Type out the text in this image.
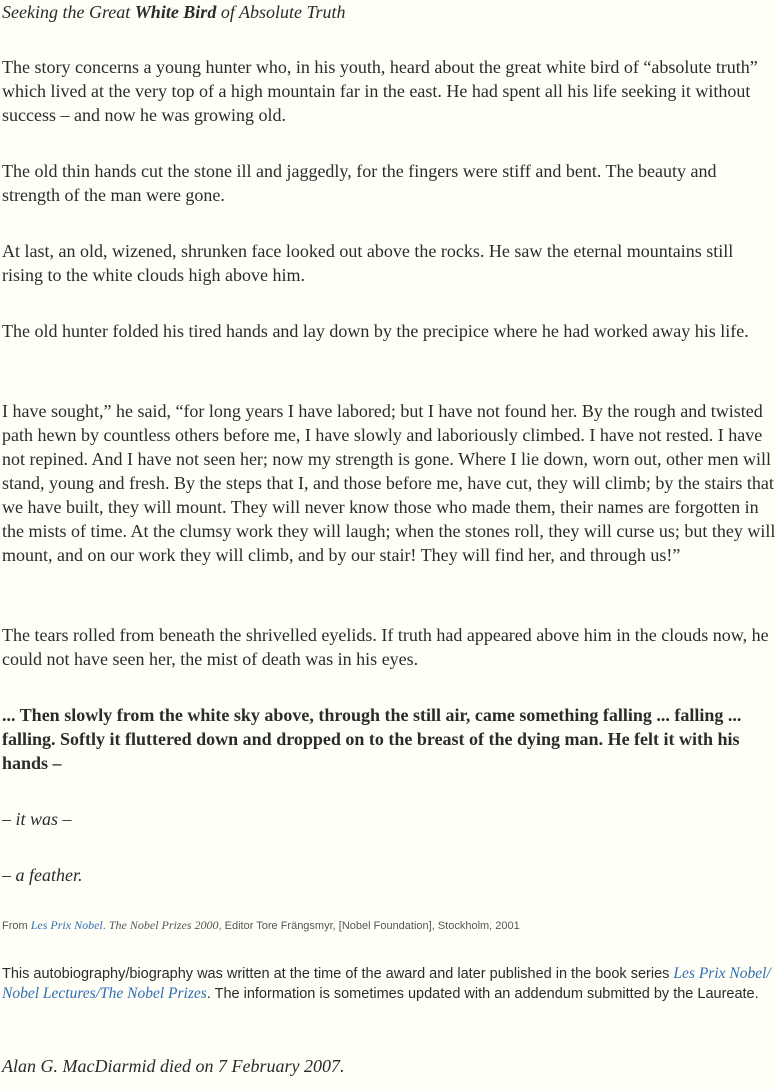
Seeking the Great White Bird of Absolute Truth

The story concerns a young hunter who, in his youth, heard about the great white bird of “absolute truth” which lived at the very top of a high mountain far in the east. He had spent all his life seeking it without success – and now he was growing old.

The old thin hands cut the stone ill and jaggedly, for the fingers were stiff and bent. The beauty and strength of the man were gone.

At last, an old, wizened, shrunken face looked out above the rocks. He saw the eternal mountains still rising to the white clouds high above him.

The old hunter folded his tired hands and lay down by the precipice where he had worked away his life.

I have sought,” he said, “for long years I have labored; but I have not found her. By the rough and twisted path hewn by countless others before me, I have slowly and laboriously climbed. I have not rested. I have not repined. And I have not seen her; now my strength is gone. Where I lie down, worn out, other men will stand, young and fresh. By the steps that I, and those before me, have cut, they will climb; by the stairs that we have built, they will mount. They will never know those who made them, their names are forgotten in the mists of time. At the clumsy work they will laugh; when the stones roll, they will curse us; but they will mount, and on our work they will climb, and by our stair! They will find her, and through us!”

The tears rolled from beneath the shrivelled eyelids. If truth had appeared above him in the clouds now, he could not have seen her, the mist of death was in his eyes.

... Then slowly from the white sky above, through the still air, came something falling ... falling ... falling. Softly it fluttered down and dropped on to the breast of the dying man. He felt it with his hands –

– it was –

– a feather.

From Les Prix Nobel. The Nobel Prizes 2000, Editor Tore Frängsmyr, [Nobel Foundation], Stockholm, 2001
This autobiography/biography was written at the time of the award and later published in the book series Les Prix Nobel/ Nobel Lectures/The Nobel Prizes. The information is sometimes updated with an addendum submitted by the Laureate.
Alan G. MacDiarmid died on 7 February 2007.
